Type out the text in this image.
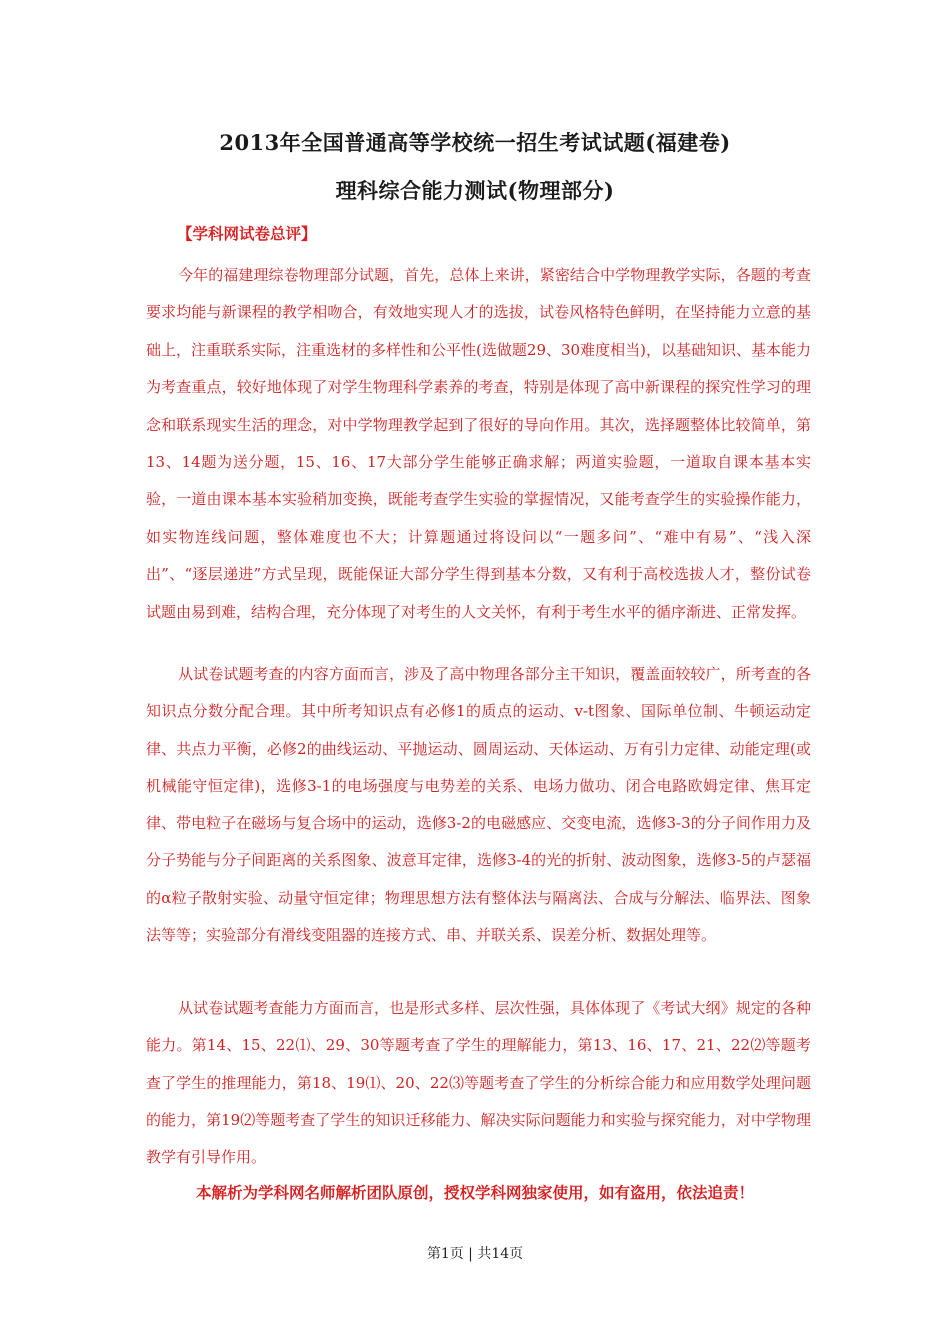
2013年全国普通高等学校统一招生考试试题(福建卷)
理科综合能力测试(物理部分)
【学科网试卷总评】
今年的福建理综卷物理部分试题，首先，总体上来讲，紧密结合中学物理教学实际，各题的考查要求均能与新课程的教学相吻合，有效地实现人才的选拔，试卷风格特色鲜明，在坚持能力立意的基础上，注重联系实际，注重选材的多样性和公平性(选做题29、30难度相当)，以基础知识、基本能力为考查重点，较好地体现了对学生物理科学素养的考查，特别是体现了高中新课程的探究性学习的理念和联系现实生活的理念，对中学物理教学起到了很好的导向作用。其次，选择题整体比较简单，第13、14题为送分题，15、16、17大部分学生能够正确求解；两道实验题，一道取自课本基本实验，一道由课本基本实验稍加变换，既能考查学生实验的掌握情况，又能考查学生的实验操作能力，如实物连线问题，整体难度也不大；计算题通过将设问以“一题多问”、“难中有易”、“浅入深出”、“逐层递进”方式呈现，既能保证大部分学生得到基本分数，又有利于高校选拔人才，整份试卷试题由易到难，结构合理，充分体现了对考生的人文关怀，有利于考生水平的循序渐进、正常发挥。
从试卷试题考查的内容方面而言，涉及了高中物理各部分主干知识，覆盖面较较广，所考查的各知识点分数分配合理。其中所考知识点有必修1的质点的运动、v-t图象、国际单位制、牛顿运动定律、共点力平衡，必修2的曲线运动、平抛运动、圆周运动、天体运动、万有引力定律、动能定理(或机械能守恒定律)，选修3-1的电场强度与电势差的关系、电场力做功、闭合电路欧姆定律、焦耳定律、带电粒子在磁场与复合场中的运动，选修3-2的电磁感应、交变电流，选修3-3的分子间作用力及分子势能与分子间距离的关系图象、波意耳定律，选修3-4的光的折射、波动图象，选修3-5的卢瑟福的α粒子散射实验、动量守恒定律；物理思想方法有整体法与隔离法、合成与分解法、临界法、图象法等等；实验部分有滑线变阻器的连接方式、串、并联关系、误差分析、数据处理等。
从试卷试题考查能力方面而言，也是形式多样、层次性强，具体体现了《考试大纲》规定的各种能力。第14、15、22⑴、29、30等题考查了学生的理解能力，第13、16、17、21、22⑵等题考查了学生的推理能力，第18、19⑴、20、22⑶等题考查了学生的分析综合能力和应用数学处理问题的能力，第19⑵等题考查了学生的知识迁移能力、解决实际问题能力和实验与探究能力，对中学物理教学有引导作用。
本解析为学科网名师解析团队原创，授权学科网独家使用，如有盗用，依法追责！
第1页 | 共14页
